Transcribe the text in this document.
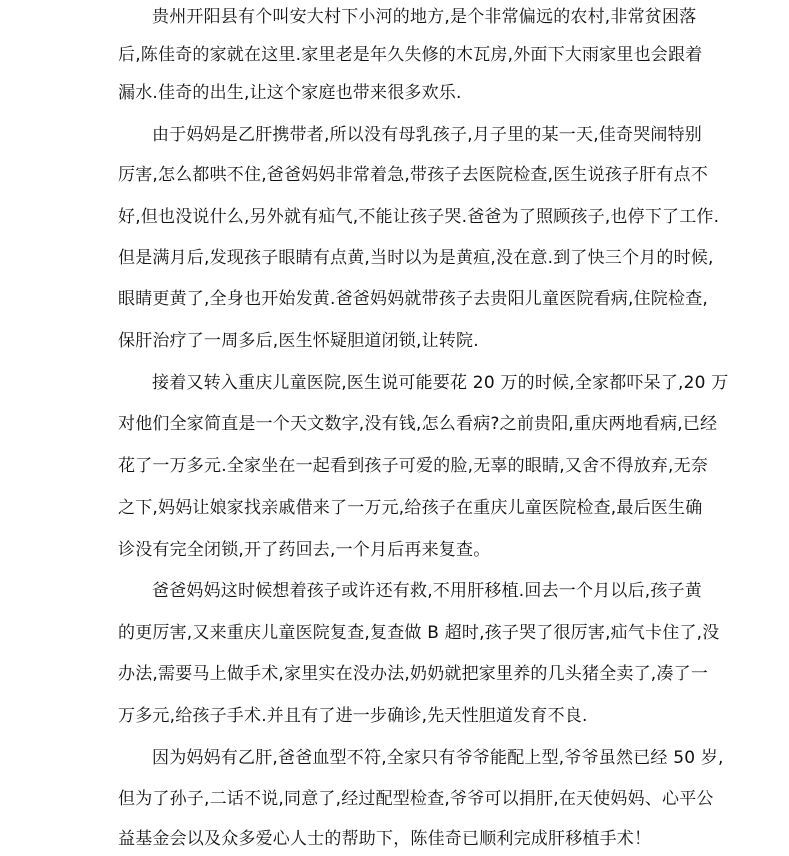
贵州开阳县有个叫安大村下小河的地方,是个非常偏远的农村,非常贫困落
后,陈佳奇的家就在这里.家里老是年久失修的木瓦房,外面下大雨家里也会跟着
漏水.佳奇的出生,让这个家庭也带来很多欢乐.
由于妈妈是乙肝携带者,所以没有母乳孩子,月子里的某一天,佳奇哭闹特别
厉害,怎么都哄不住,爸爸妈妈非常着急,带孩子去医院检查,医生说孩子肝有点不
好,但也没说什么,另外就有疝气,不能让孩子哭.爸爸为了照顾孩子,也停下了工作.
但是满月后,发现孩子眼睛有点黄,当时以为是黄疸,没在意.到了快三个月的时候,
眼睛更黄了,全身也开始发黄.爸爸妈妈就带孩子去贵阳儿童医院看病,住院检查,
保肝治疗了一周多后,医生怀疑胆道闭锁,让转院.
接着又转入重庆儿童医院,医生说可能要花 20 万的时候,全家都吓呆了,20 万
对他们全家简直是一个天文数字,没有钱,怎么看病?之前贵阳,重庆两地看病,已经
花了一万多元.全家坐在一起看到孩子可爱的脸,无辜的眼睛,又舍不得放弃,无奈
之下,妈妈让娘家找亲戚借来了一万元,给孩子在重庆儿童医院检查,最后医生确
诊没有完全闭锁,开了药回去,一个月后再来复查。
爸爸妈妈这时候想着孩子或许还有救,不用肝移植.回去一个月以后,孩子黄
的更厉害,又来重庆儿童医院复查,复查做 B 超时,孩子哭了很厉害,疝气卡住了,没
办法,需要马上做手术,家里实在没办法,奶奶就把家里养的几头猪全卖了,凑了一
万多元,给孩子手术.并且有了进一步确诊,先天性胆道发育不良.
因为妈妈有乙肝,爸爸血型不符,全家只有爷爷能配上型,爷爷虽然已经 50 岁,
但为了孙子,二话不说,同意了,经过配型检查,爷爷可以捐肝,在天使妈妈、心平公
益基金会以及众多爱心人士的帮助下，陈佳奇已顺利完成肝移植手术！
